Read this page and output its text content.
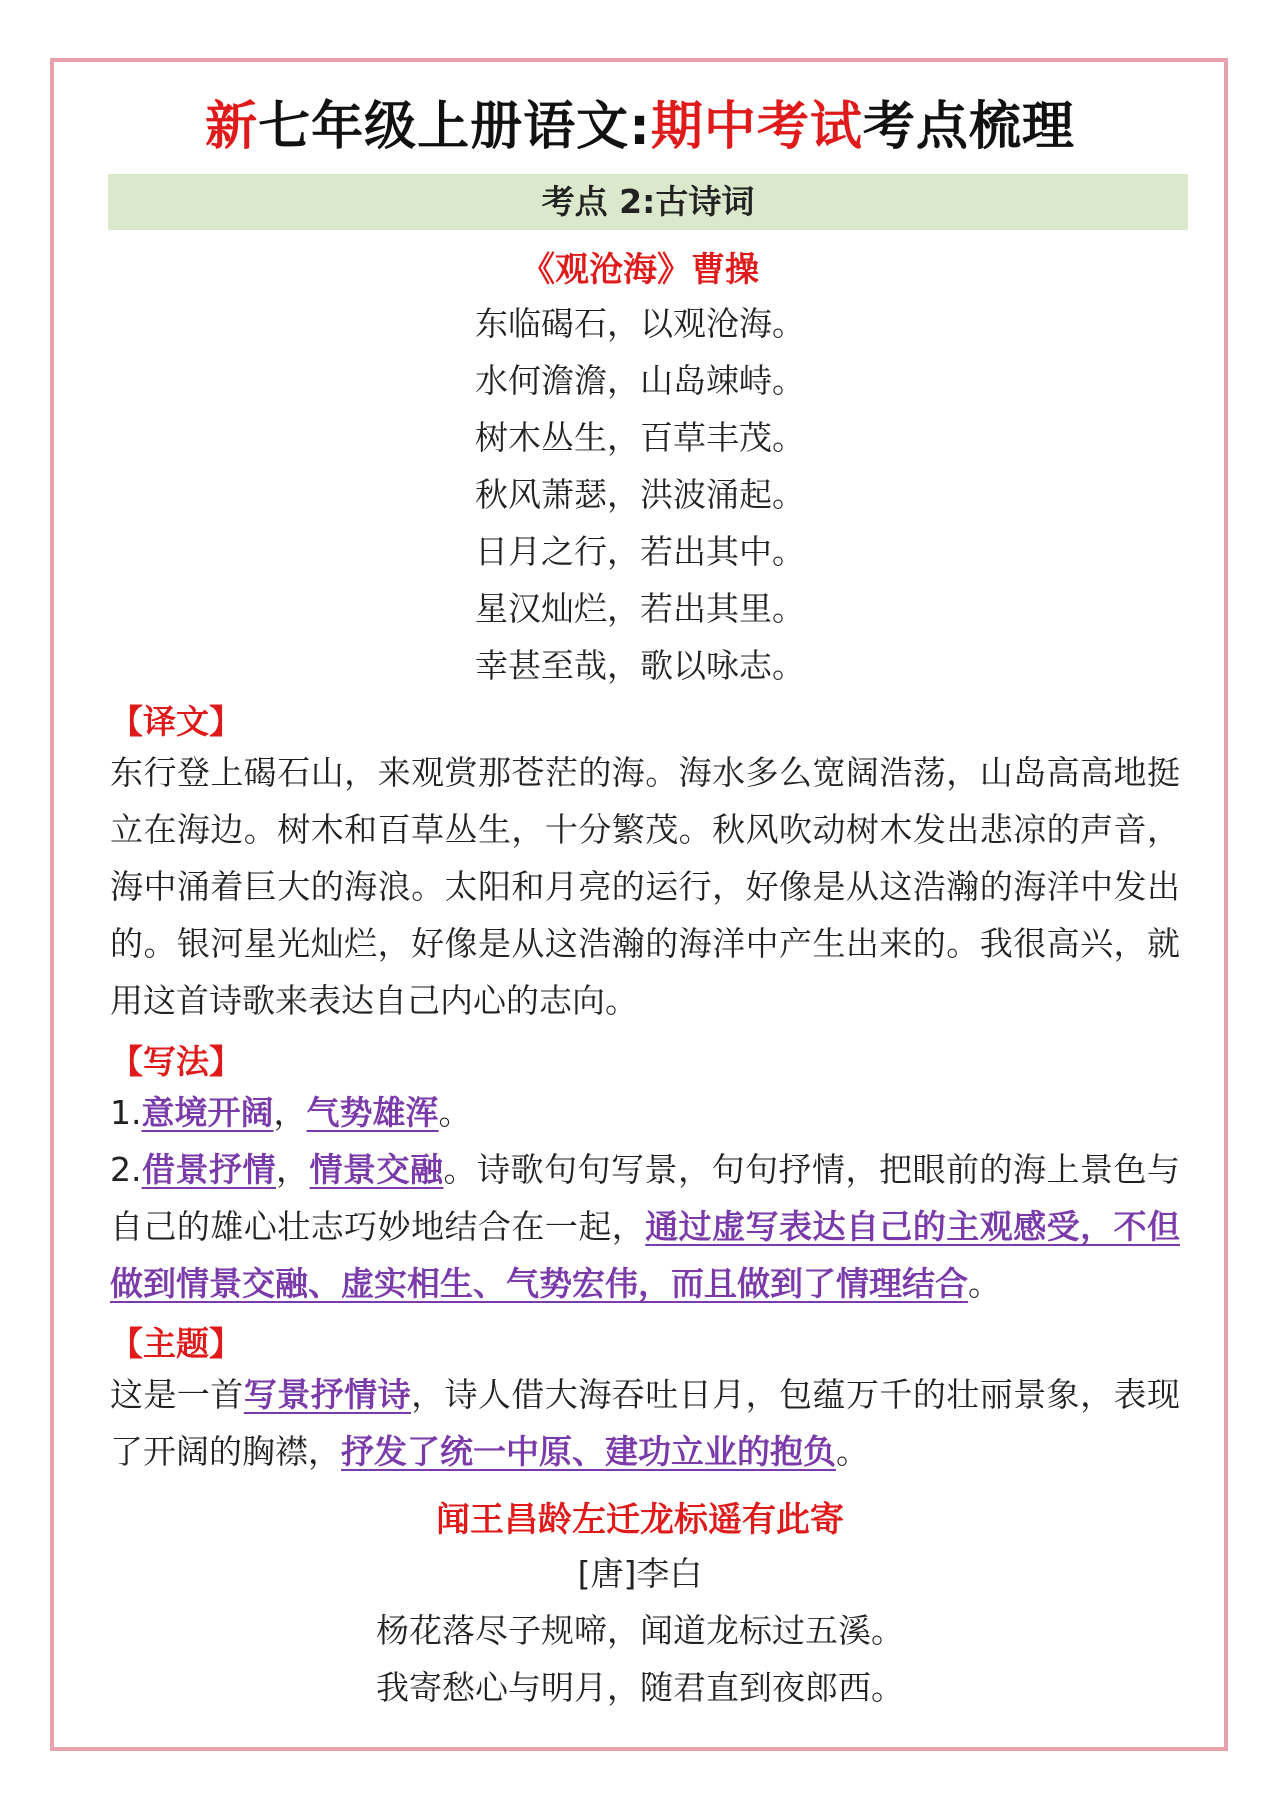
新七年级上册语文:期中考试考点梳理
考点 2:古诗词
《观沧海》曹操
东临碣石，以观沧海。
水何澹澹，山岛竦峙。
树木丛生，百草丰茂。
秋风萧瑟，洪波涌起。
日月之行，若出其中。
星汉灿烂，若出其里。
幸甚至哉，歌以咏志。
【译文】
东行登上碣石山，来观赏那苍茫的海。海水多么宽阔浩荡，山岛高高地挺立在海边。树木和百草丛生，十分繁茂。秋风吹动树木发出悲凉的声音，海中涌着巨大的海浪。太阳和月亮的运行，好像是从这浩瀚的海洋中发出的。银河星光灿烂，好像是从这浩瀚的海洋中产生出来的。我很高兴，就用这首诗歌来表达自己内心的志向。
【写法】
1.意境开阔，气势雄浑。
2.借景抒情，情景交融。诗歌句句写景，句句抒情，把眼前的海上景色与自己的雄心壮志巧妙地结合在一起，通过虚写表达自己的主观感受，不但做到情景交融、虚实相生、气势宏伟，而且做到了情理结合。
【主题】
这是一首写景抒情诗，诗人借大海吞吐日月，包蕴万千的壮丽景象，表现了开阔的胸襟，抒发了统一中原、建功立业的抱负。
闻王昌龄左迁龙标遥有此寄
[唐]李白
杨花落尽子规啼，闻道龙标过五溪。
我寄愁心与明月，随君直到夜郎西。
